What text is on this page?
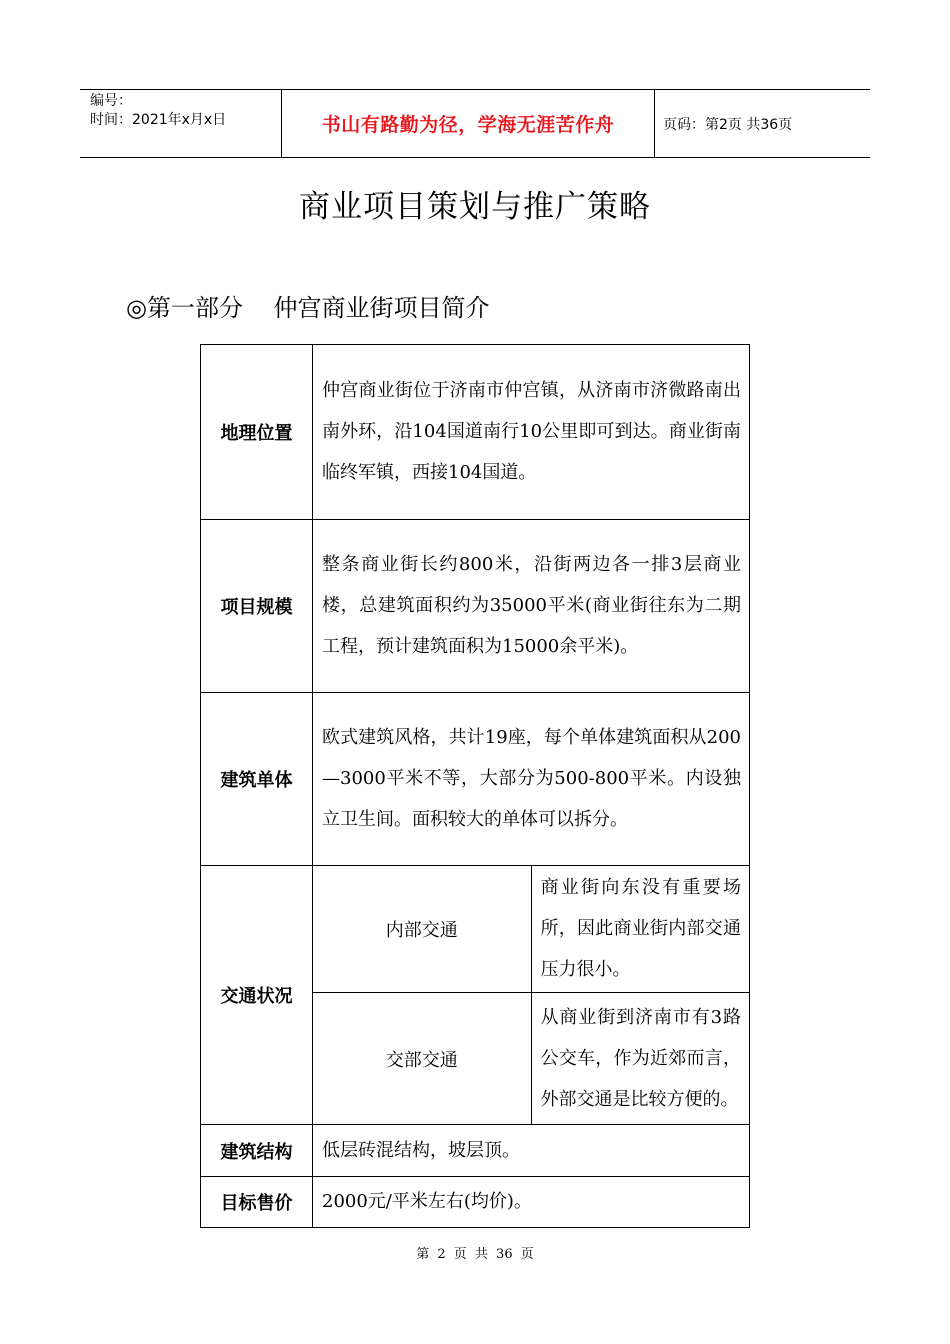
编号：
时间：2021年x月x日	书山有路勤为径，学海无涯苦作舟	页码：第2页 共36页
商业项目策划与推广策略
◎第一部分    仲宫商业街项目简介
地理位置	仲宫商业街位于济南市仲宫镇，从济南市济微路南出南外环，沿104国道南行10公里即可到达。商业街南临终军镇，西接104国道。	
项目规模	整条商业街长约800米，沿街两边各一排3层商业楼，总建筑面积约为35000平米(商业街往东为二期工程，预计建筑面积为15000余平米)。	
建筑单体	欧式建筑风格，共计19座，每个单体建筑面积从200—3000平米不等，大部分为500-800平米。内设独立卫生间。面积较大的单体可以拆分。	
交通状况	内部交通	商业街向东没有重要场所，因此商业街内部交通压力很小。
	交部交通	从商业街到济南市有3路公交车，作为近郊而言，外部交通是比较方便的。
建筑结构	低层砖混结构，坡层顶。	
目标售价	2000元/平米左右(均价)。	
第 2 页 共 36 页
